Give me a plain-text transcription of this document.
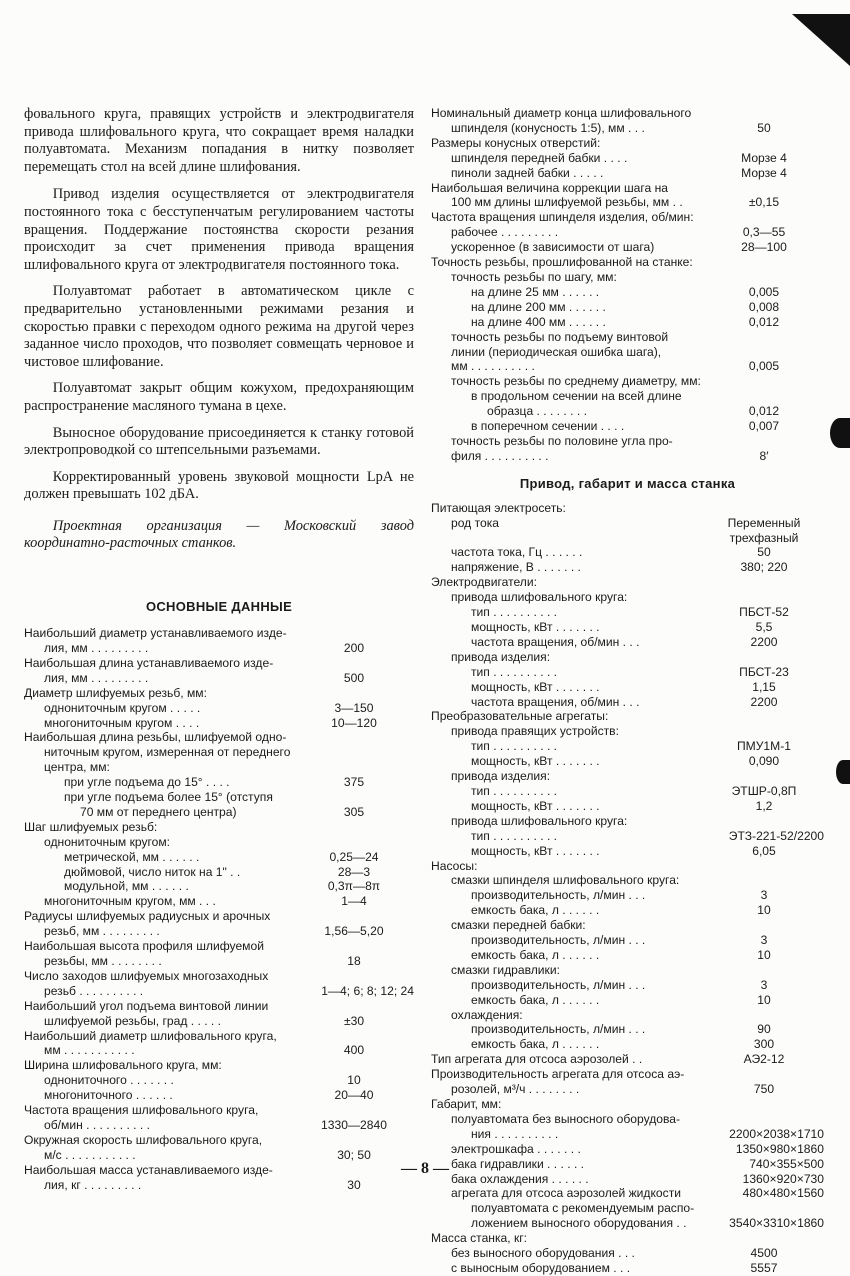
фовального круга, правящих устройств и электродвигателя привода шлифовального круга, что сокращает время наладки полуавтомата. Механизм попадания в нитку позволяет перемещать стол на всей длине шлифования.

Привод изделия осуществляется от электродвигателя постоянного тока с бесступенчатым регулированием частоты вращения. Поддержание постоянства скорости резания происходит за счет применения привода вращения шлифовального круга от электродвигателя постоянного тока.

Полуавтомат работает в автоматическом цикле с предварительно установленными режимами резания и скоростью правки с переходом одного режима на другой через заданное число проходов, что позволяет совмещать черновое и чистовое шлифование.

Полуавтомат закрыт общим кожухом, предохраняющим распространение масляного тумана в цехе.

Выносное оборудование присоединяется к станку готовой электропроводкой со штепсельными разъемами.

Корректированный уровень звуковой мощности LpA не должен превышать 102 дБА.

Проектная организация — Московский завод координатно-расточных станков.

ОСНОВНЫЕ ДАННЫЕ
Наибольший диаметр устанавливаемого изде-
лия, мм . . . . . . . . .	200
Наибольшая длина устанавливаемого изде-
лия, мм . . . . . . . . .	500
Диаметр шлифуемых резьб, мм:
однониточным кругом . . . . .	3—150
многониточным кругом . . . .	10—120
Наибольшая длина резьбы, шлифуемой одно-
ниточным кругом, измеренная от переднего
центра, мм:
при угле подъема до 15° . . . .	375
при угле подъема более 15° (отступя
70 мм от переднего центра)	305
Шаг шлифуемых резьб:
однониточным кругом:
метрической, мм . . . . . .	0,25—24
дюймовой, число ниток на 1" . .	28—3
модульной, мм . . . . . .	0,3π—8π
многониточным кругом, мм . . .	1—4
Радиусы шлифуемых радиусных и арочных
резьб, мм . . . . . . . . .	1,56—5,20
Наибольшая высота профиля шлифуемой
резьбы, мм . . . . . . . .	18
Число заходов шлифуемых многозаходных
резьб . . . . . . . . . .	1—4; 6; 8; 12; 24
Наибольший угол подъема винтовой линии
шлифуемой резьбы, град . . . . .	±30
Наибольший диаметр шлифовального круга,
мм . . . . . . . . . . .	400
Ширина шлифовального круга, мм:
однониточного . . . . . . .	10
многониточного . . . . . .	20—40
Частота вращения шлифовального круга,
об/мин . . . . . . . . . .	1330—2840
Окружная скорость шлифовального круга,
м/с . . . . . . . . . . .	30; 50
Наибольшая масса устанавливаемого изде-
лия, кг . . . . . . . . .	30
Номинальный диаметр конца шлифовального
шпинделя (конусность 1:5), мм . . .	50
Размеры конусных отверстий:
шпинделя передней бабки . . . .	Морзе 4
пиноли задней бабки . . . . .	Морзе 4
Наибольшая величина коррекции шага на
100 мм длины шлифуемой резьбы, мм . .	±0,15
Частота вращения шпинделя изделия, об/мин:
рабочее . . . . . . . . .	0,3—55
ускоренное (в зависимости от шага)	28—100
Точность резьбы, прошлифованной на станке:
точность резьбы по шагу, мм:
на длине 25 мм . . . . . .	0,005
на длине 200 мм . . . . . .	0,008
на длине 400 мм . . . . . .	0,012
точность резьбы по подъему винтовой
линии (периодическая ошибка шага),
мм . . . . . . . . . .	0,005
точность резьбы по среднему диаметру, мм:
в продольном сечении на всей длине
образца . . . . . . . .	0,012
в поперечном сечении . . . .	0,007
точность резьбы по половине угла про-
филя . . . . . . . . . .	8′
Привод, габарит и масса станка
Питающая электросеть:
род тока	Переменный
трехфазный
частота тока, Гц . . . . . .	50
напряжение, В . . . . . . .	380; 220
Электродвигатели:
привода шлифовального круга:
тип . . . . . . . . . .	ПБСТ-52
мощность, кВт . . . . . . .	5,5
частота вращения, об/мин . . .	2200
привода изделия:
тип . . . . . . . . . .	ПБСТ-23
мощность, кВт . . . . . . .	1,15
частота вращения, об/мин . . .	2200
Преобразовательные агрегаты:
привода правящих устройств:
тип . . . . . . . . . .	ПМУ1М-1
мощность, кВт . . . . . . .	0,090
привода изделия:
тип . . . . . . . . . .	ЭТШР-0,8П
мощность, кВт . . . . . . .	1,2
привода шлифовального круга:
тип . . . . . . . . . .	ЭТЗ-221-52/2200
мощность, кВт . . . . . . .	6,05
Насосы:
смазки шпинделя шлифовального круга:
производительность, л/мин . . .	3
емкость бака, л . . . . . .	10
смазки передней бабки:
производительность, л/мин . . .	3
емкость бака, л . . . . . .	10
смазки гидравлики:
производительность, л/мин . . .	3
емкость бака, л . . . . . .	10
охлаждения:
производительность, л/мин . . .	90
емкость бака, л . . . . . .	300
Тип агрегата для отсоса аэрозолей . .	АЭ2-12
Производительность агрегата для отсоса аэ-
розолей, м³/ч . . . . . . . .	750
Габарит, мм:
полуавтомата без выносного оборудова-
ния . . . . . . . . . .	2200×2038×1710
электрошкафа . . . . . . .	1350×980×1860
бака гидравлики . . . . . .	740×355×500
бака охлаждения . . . . . .	1360×920×730
агрегата для отсоса аэрозолей жидкости	480×480×1560
полуавтомата с рекомендуемым распо-
ложением выносного оборудования . .	3540×3310×1860
Масса станка, кг:
без выносного оборудования . . .	4500
с выносным оборудованием . . .	5557
— 8 —
